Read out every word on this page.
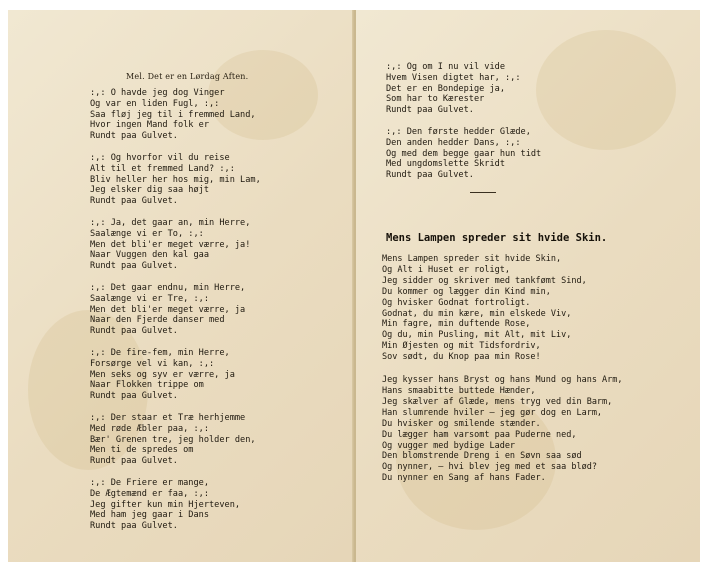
Mel. Det er en Lørdag Aften.
:,: O havde jeg dog Vinger
Og var en liden Fugl, :,:
Saa fløj jeg til i fremmed Land,
Hvor ingen Mand folk er
Rundt paa Gulvet.
:,: Og hvorfor vil du reise
Alt til et fremmed Land? :,:
Bliv heller her hos mig, min Lam,
Jeg elsker dig saa højt
Rundt paa Gulvet.
:,: Ja, det gaar an, min Herre,
Saalænge vi er To, :,:
Men det bli'er meget værre, ja!
Naar Vuggen den kal gaa
Rundt paa Gulvet.
:,: Det gaar endnu, min Herre,
Saalænge vi er Tre, :,:
Men det bli'er meget værre, ja
Naar den Fjerde danser med
Rundt paa Gulvet.
:,: De fire-fem, min Herre,
Forsørge vel vi kan, :,:
Men seks og syv er værre, ja
Naar Flokken trippe om
Rundt paa Gulvet.
:,: Der staar et Træ herhjemme
Med røde Æbler paa, :,:
Bær' Grenen tre, jeg holder den,
Men ti de spredes om
Rundt paa Gulvet.
:,: De Friere er mange,
De Ægtemænd er faa, :,:
Jeg gifter kun min Hjerteven,
Med ham jeg gaar i Dans
Rundt paa Gulvet.
:,: Og om I nu vil vide
Hvem Visen digtet har, :,:
Det er en Bondepige ja,
Som har to Kærester
Rundt paa Gulvet.
:,: Den første hedder Glæde,
Den anden hedder Dans, :,:
Og med dem begge gaar hun tidt
Med ungdomslette Skridt
Rundt paa Gulvet.
Mens Lampen spreder sit hvide Skin.
Mens Lampen spreder sit hvide Skin,
Og Alt i Huset er roligt,
Jeg sidder og skriver med tankfømt Sind,
Du kommer og lægger din Kind min,
Og hvisker Godnat fortroligt.
Godnat, du min kære, min elskede Viv,
Min fagre, min duftende Rose,
Og du, min Pusling, mit Alt, mit Liv,
Min Øjesten og mit Tidsfordriv,
Sov sødt, du Knop paa min Rose!
Jeg kysser hans Bryst og hans Mund og hans Arm,
Hans smaabitte buttede Hænder,
Jeg skælver af Glæde, mens tryg ved din Barm,
Han slumrende hviler — jeg gør dog en Larm,
Du hvisker og smilende stænder.
Du lægger ham varsomt paa Puderne ned,
Og vugger med bydige Lader
Den blomstrende Dreng i en Søvn saa sød
Og nynner, — hvi blev jeg med et saa blød?
Du nynner en Sang af hans Fader.
